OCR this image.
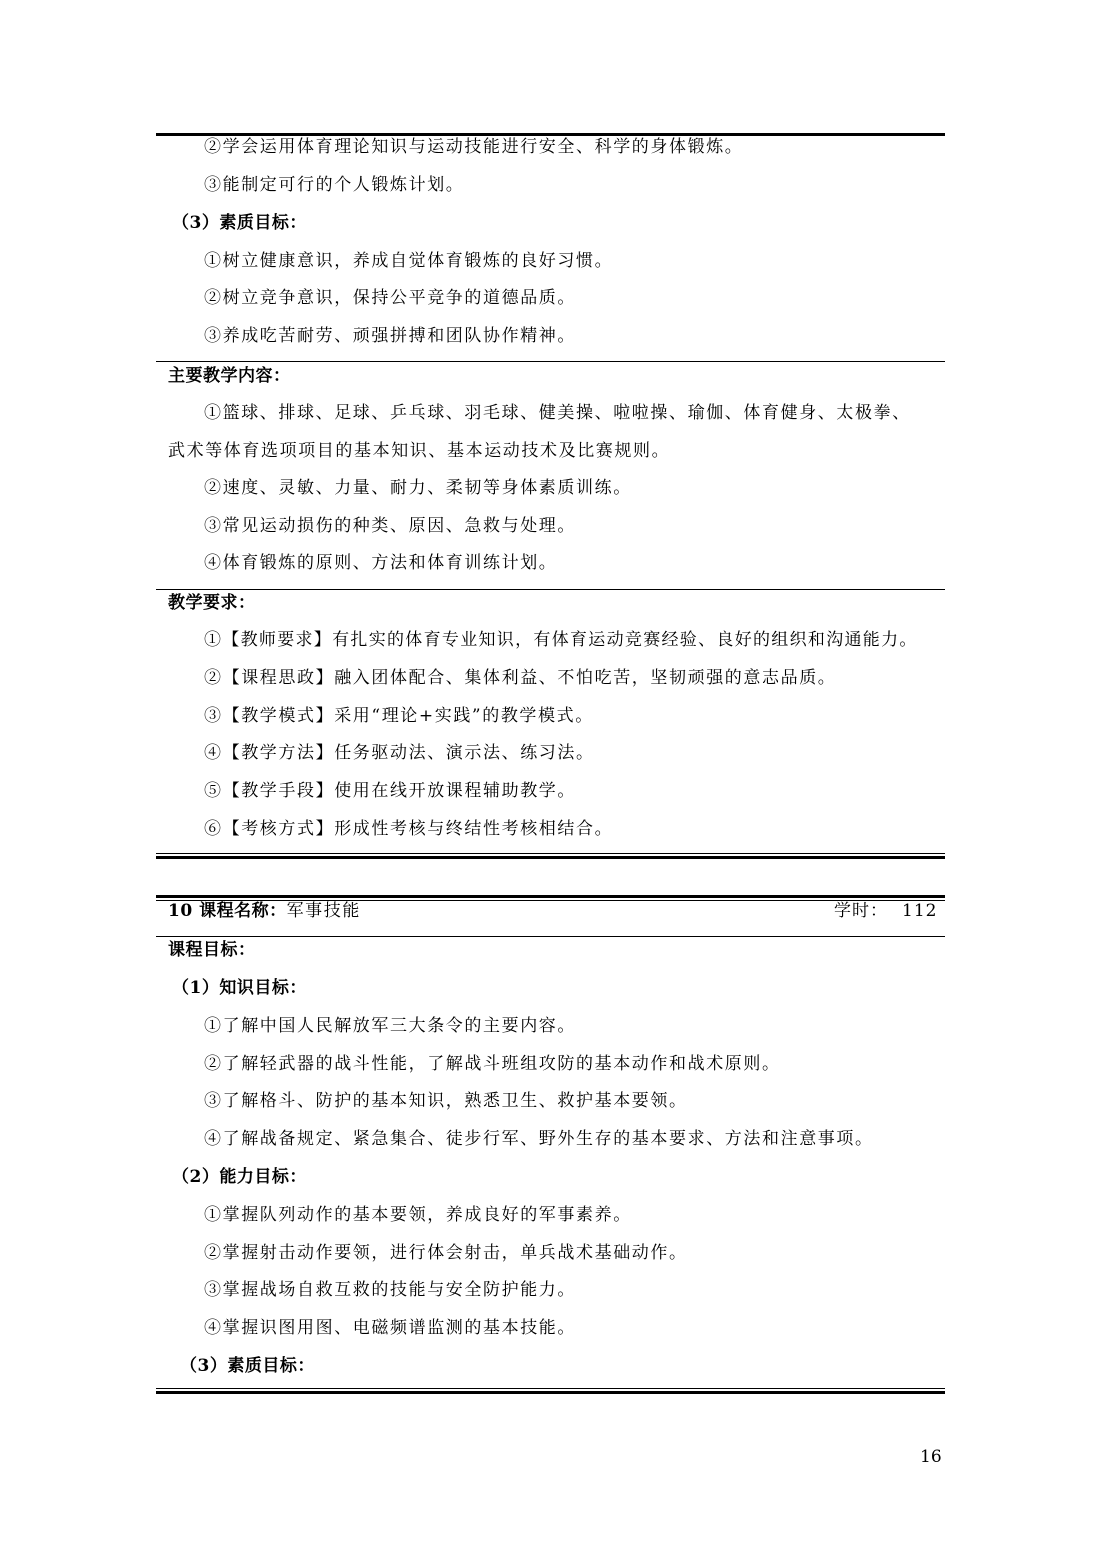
②学会运用体育理论知识与运动技能进行安全、科学的身体锻炼。
③能制定可行的个人锻炼计划。
（3）素质目标：
①树立健康意识，养成自觉体育锻炼的良好习惯。
②树立竞争意识，保持公平竞争的道德品质。
③养成吃苦耐劳、顽强拼搏和团队协作精神。
主要教学内容：
①篮球、排球、足球、乒乓球、羽毛球、健美操、啦啦操、瑜伽、体育健身、太极拳、
武术等体育选项项目的基本知识、基本运动技术及比赛规则。
②速度、灵敏、力量、耐力、柔韧等身体素质训练。
③常见运动损伤的种类、原因、急救与处理。
④体育锻炼的原则、方法和体育训练计划。
教学要求：
①【教师要求】有扎实的体育专业知识，有体育运动竞赛经验、良好的组织和沟通能力。
②【课程思政】融入团体配合、集体利益、不怕吃苦，坚韧顽强的意志品质。
③【教学模式】采用“理论+实践”的教学模式。
④【教学方法】任务驱动法、演示法、练习法。
⑤【教学手段】使用在线开放课程辅助教学。
⑥【考核方式】形成性考核与终结性考核相结合。
10 课程名称：军事技能	学时： 112
课程目标：
（1）知识目标：
①了解中国人民解放军三大条令的主要内容。
②了解轻武器的战斗性能，了解战斗班组攻防的基本动作和战术原则。
③了解格斗、防护的基本知识，熟悉卫生、救护基本要领。
④了解战备规定、紧急集合、徒步行军、野外生存的基本要求、方法和注意事项。
（2）能力目标：
①掌握队列动作的基本要领，养成良好的军事素养。
②掌握射击动作要领，进行体会射击，单兵战术基础动作。
③掌握战场自救互救的技能与安全防护能力。
④掌握识图用图、电磁频谱监测的基本技能。
（3）素质目标：
16
